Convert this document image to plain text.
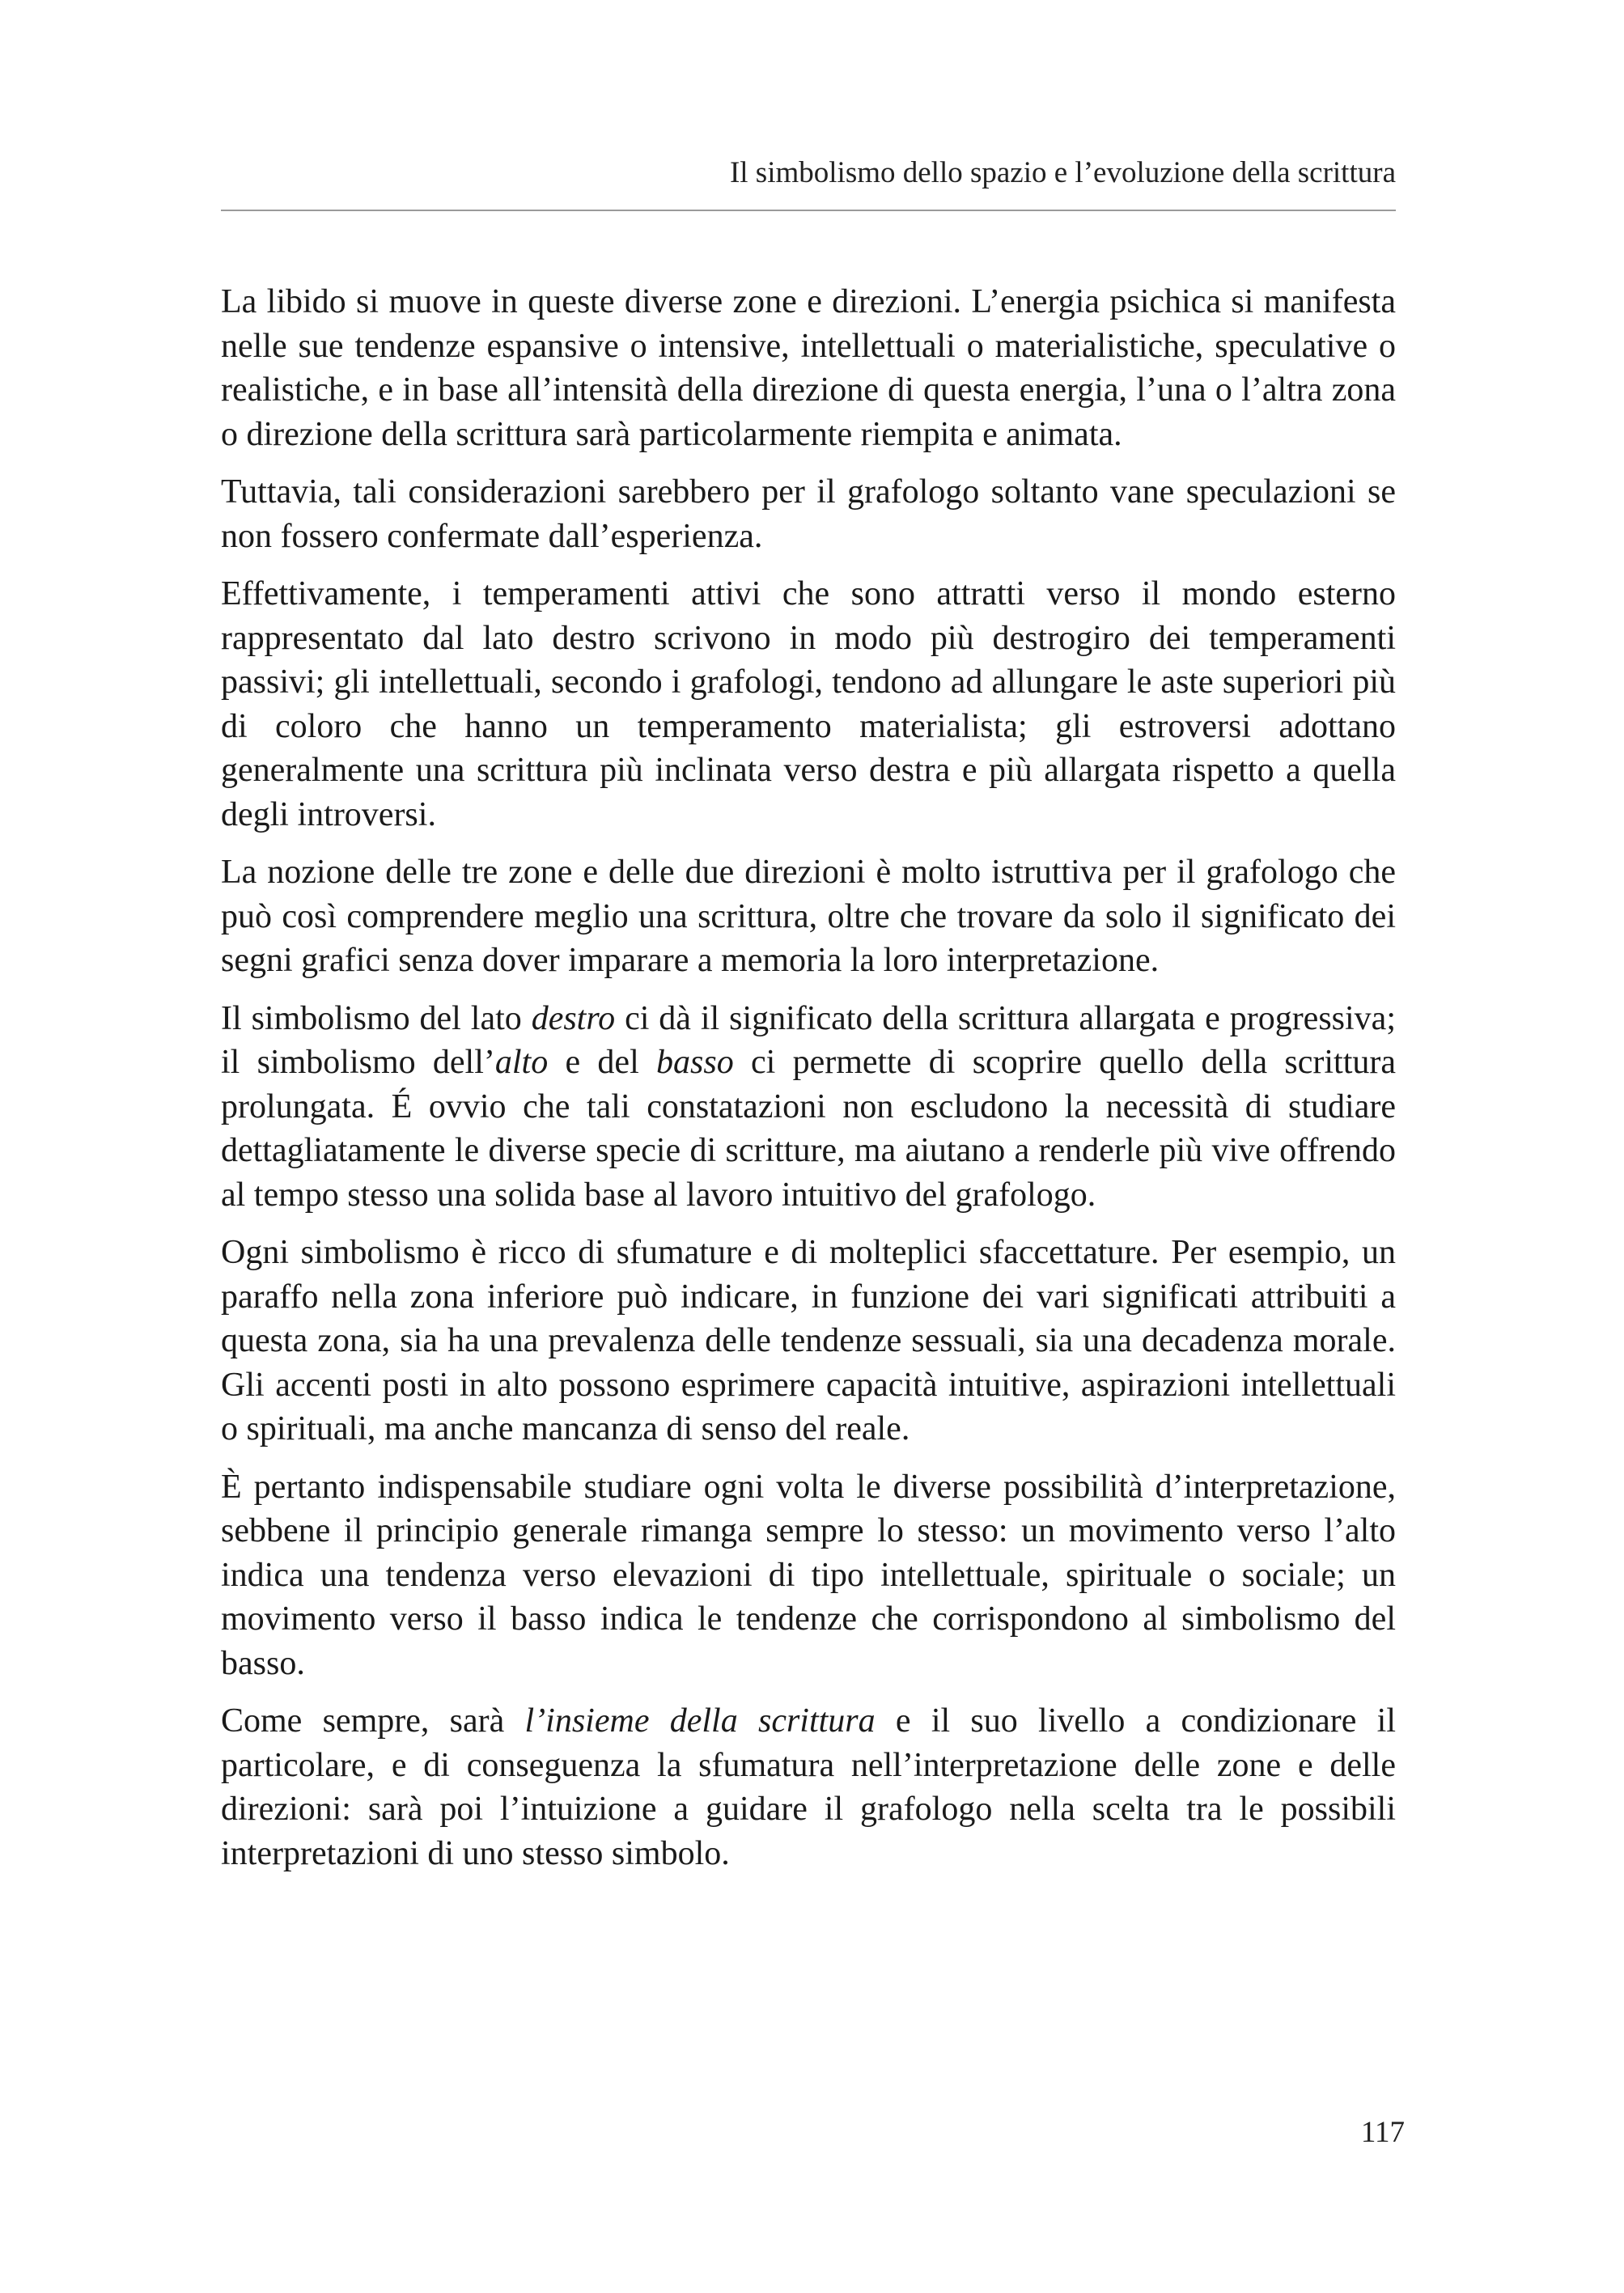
Il simbolismo dello spazio e l’evoluzione della scrittura

La libido si muove in queste diverse zone e direzioni. L’energia psichica si manifesta nelle sue tendenze espansive o intensive, intellettuali o materialistiche, speculative o realistiche, e in base all’intensità della direzione di questa energia, l’una o l’altra zona o direzione della scrittura sarà particolarmente riempita e animata.

Tuttavia, tali considerazioni sarebbero per il grafologo soltanto vane speculazioni se non fossero confermate dall’esperienza.

Effettivamente, i temperamenti attivi che sono attratti verso il mondo esterno rappresentato dal lato destro scrivono in modo più destrogiro dei temperamenti passivi; gli intellettuali, secondo i grafologi, tendono ad allungare le aste superiori più di coloro che hanno un temperamento materialista; gli estroversi adottano generalmente una scrittura più inclinata verso destra e più allargata rispetto a quella degli introversi.

La nozione delle tre zone e delle due direzioni è molto istruttiva per il grafologo che può così comprendere meglio una scrittura, oltre che trovare da solo il significato dei segni grafici senza dover imparare a memoria la loro interpretazione.

Il simbolismo del lato destro ci dà il significato della scrittura allargata e progressiva; il simbolismo dell’alto e del basso ci permette di scoprire quello della scrittura prolungata. É ovvio che tali constatazioni non escludono la necessità di studiare dettagliatamente le diverse specie di scritture, ma aiutano a renderle più vive offrendo al tempo stesso una solida base al lavoro intuitivo del grafologo.

Ogni simbolismo è ricco di sfumature e di molteplici sfaccettature. Per esempio, un paraffo nella zona inferiore può indicare, in funzione dei vari significati attribuiti a questa zona, sia ha una prevalenza delle tendenze sessuali, sia una decadenza morale. Gli accenti posti in alto possono esprimere capacità intuitive, aspirazioni intellettuali o spirituali, ma anche mancanza di senso del reale.

È pertanto indispensabile studiare ogni volta le diverse possibilità d’interpretazione, sebbene il principio generale rimanga sempre lo stesso: un movimento verso l’alto indica una tendenza verso elevazioni di tipo intellettuale, spirituale o sociale; un movimento verso il basso indica le tendenze che corrispondono al simbolismo del basso.

Come sempre, sarà l’insieme della scrittura e il suo livello a condizionare il particolare, e di conseguenza la sfumatura nell’interpretazione delle zone e delle direzioni: sarà poi l’intuizione a guidare il grafologo nella scelta tra le possibili interpretazioni di uno stesso simbolo.

117
